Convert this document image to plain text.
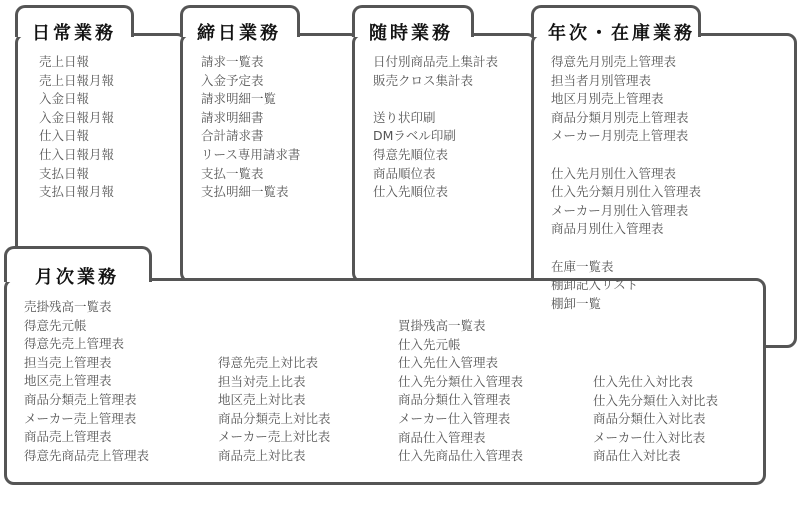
日常業務
売上日報
売上日報月報
入金日報
入金日報月報
仕入日報
仕入日報月報
支払日報
支払日報月報
締日業務
請求一覧表
入金予定表
請求明細一覧
請求明細書
合計請求書
リース専用請求書
支払一覧表
支払明細一覧表
随時業務
日付別商品売上集計表
販売クロス集計表
送り状印刷
DMラベル印刷
得意先順位表
商品順位表
仕入先順位表
年次・在庫業務
月次業務
得意先月別売上管理表
担当者月別管理表
地区月別売上管理表
商品分類月別売上管理表
メーカー月別売上管理表
仕入先月別仕入管理表
仕入先分類月別仕入管理表
メーカー月別仕入管理表
商品月別仕入管理表
在庫一覧表
棚卸記入リスト
棚卸一覧
売掛残高一覧表
得意先元帳
得意先売上管理表
担当売上管理表
地区売上管理表
商品分類売上管理表
メーカー売上管理表
商品売上管理表
得意先商品売上管理表
得意先売上対比表
担当対売上比表
地区売上対比表
商品分類売上対比表
メーカー売上対比表
商品売上対比表
買掛残高一覧表
仕入先元帳
仕入先仕入管理表
仕入先分類仕入管理表
商品分類仕入管理表
メーカー仕入管理表
商品仕入管理表
仕入先商品仕入管理表
仕入先仕入対比表
仕入先分類仕入対比表
商品分類仕入対比表
メーカー仕入対比表
商品仕入対比表
